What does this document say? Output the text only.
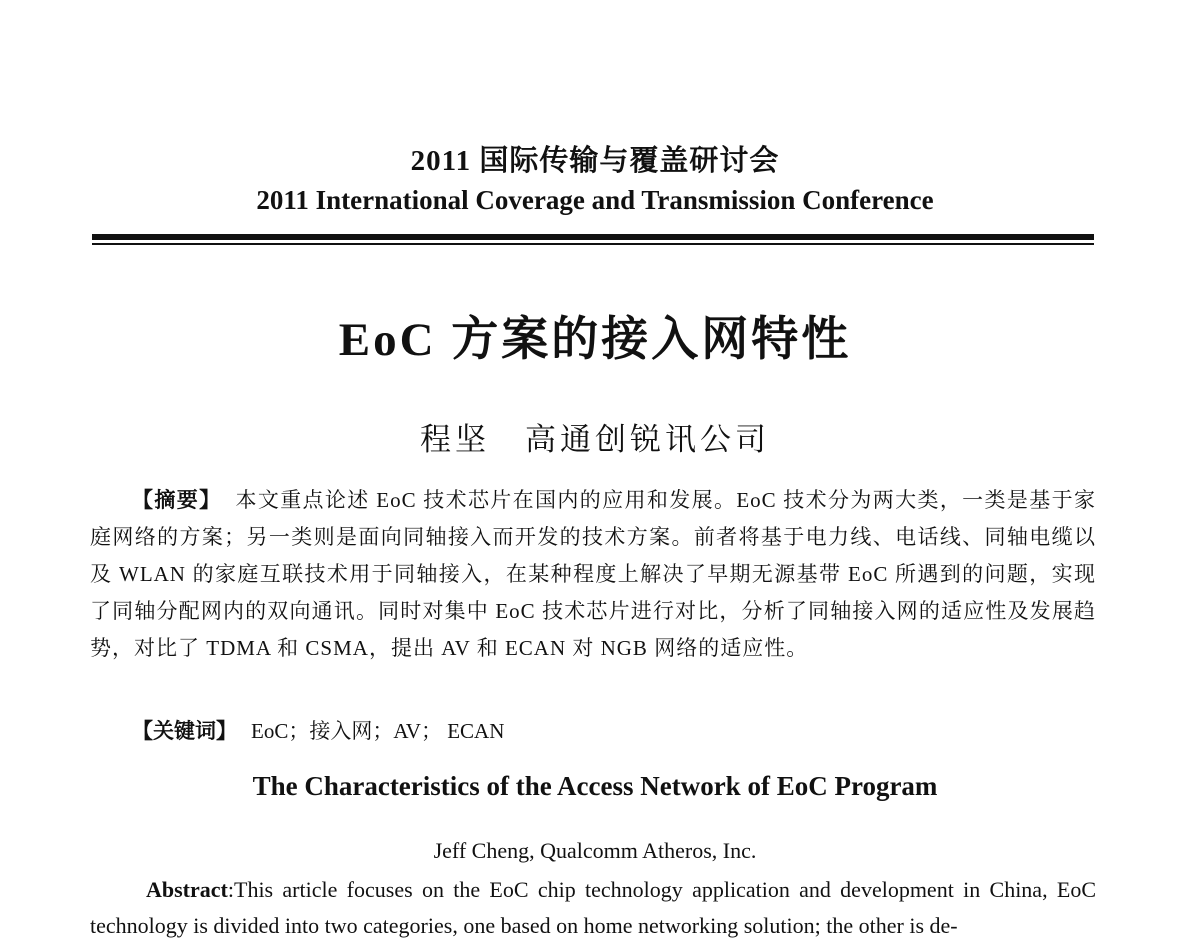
2011 国际传输与覆盖研讨会
2011 International Coverage and Transmission Conference
EoC 方案的接入网特性
程坚　高通创锐讯公司
【摘要】 本文重点论述 EoC 技术芯片在国内的应用和发展。EoC 技术分为两大类，一类是基于家庭网络的方案；另一类则是面向同轴接入而开发的技术方案。前者将基于电力线、电话线、同轴电缆以及 WLAN 的家庭互联技术用于同轴接入，在某种程度上解决了早期无源基带 EoC 所遇到的问题，实现了同轴分配网内的双向通讯。同时对集中 EoC 技术芯片进行对比，分析了同轴接入网的适应性及发展趋势，对比了 TDMA 和 CSMA，提出 AV 和 ECAN 对 NGB 网络的适应性。
【关键词】 EoC；接入网；AV； ECAN
The Characteristics of the Access Network of EoC Program
Jeff Cheng, Qualcomm Atheros, Inc.
Abstract:This article focuses on the EoC chip technology application and development in China, EoC technology is divided into two categories, one based on home networking solution; the other is de-
